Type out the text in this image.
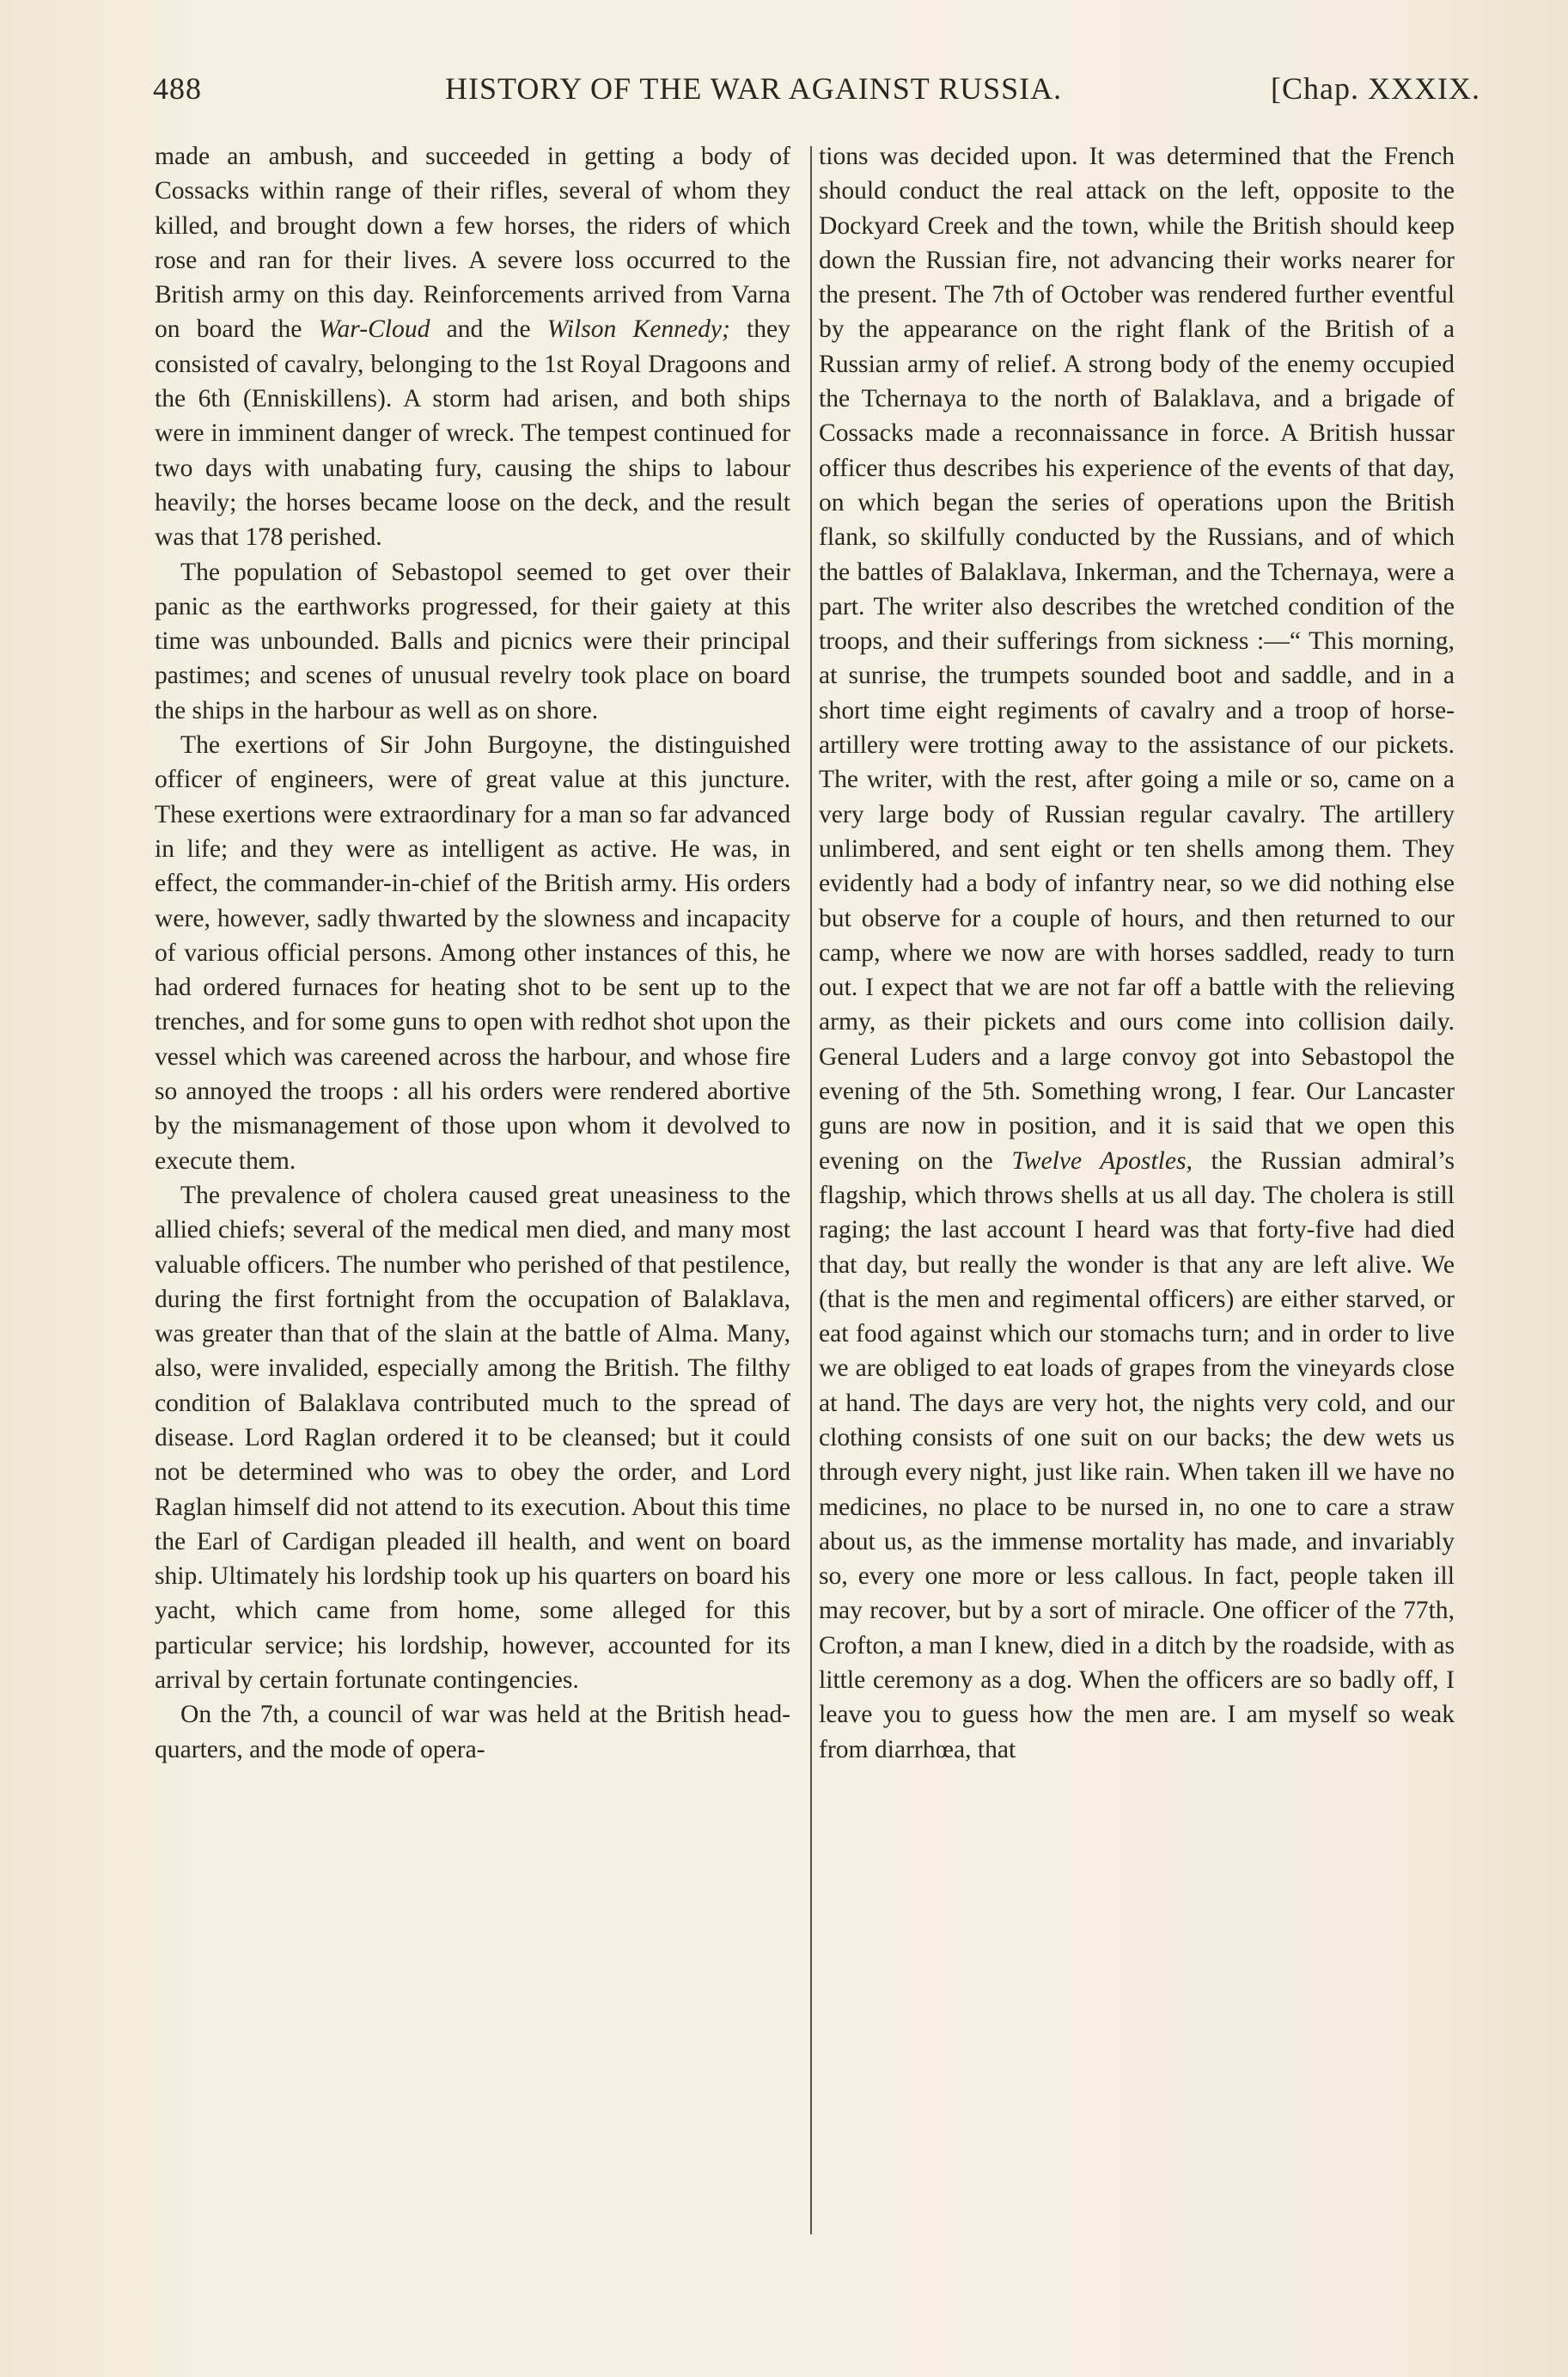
488	HISTORY OF THE WAR AGAINST RUSSIA.	[Chap. XXXIX.

made an ambush, and succeeded in getting a body of Cossacks within range of their rifles, several of whom they killed, and brought down a few horses, the riders of which rose and ran for their lives. A severe loss occurred to the British army on this day. Reinforcements arrived from Varna on board the War-Cloud and the Wilson Kennedy; they consisted of cavalry, belonging to the 1st Royal Dragoons and the 6th (Enniskillens). A storm had arisen, and both ships were in imminent danger of wreck. The tempest continued for two days with unabating fury, causing the ships to labour heavily; the horses became loose on the deck, and the result was that 178 perished.

The population of Sebastopol seemed to get over their panic as the earthworks progressed, for their gaiety at this time was unbounded. Balls and picnics were their principal pastimes; and scenes of unusual revelry took place on board the ships in the harbour as well as on shore.

The exertions of Sir John Burgoyne, the distinguished officer of engineers, were of great value at this juncture. These exertions were extraordinary for a man so far advanced in life; and they were as intelligent as active. He was, in effect, the commander-in-chief of the British army. His orders were, however, sadly thwarted by the slowness and incapacity of various official persons. Among other instances of this, he had ordered furnaces for heating shot to be sent up to the trenches, and for some guns to open with redhot shot upon the vessel which was careened across the harbour, and whose fire so annoyed the troops : all his orders were rendered abortive by the mismanagement of those upon whom it devolved to execute them.

The prevalence of cholera caused great uneasiness to the allied chiefs; several of the medical men died, and many most valuable officers. The number who perished of that pestilence, during the first fortnight from the occupation of Balaklava, was greater than that of the slain at the battle of Alma. Many, also, were invalided, especially among the British. The filthy condition of Balaklava contributed much to the spread of disease. Lord Raglan ordered it to be cleansed; but it could not be determined who was to obey the order, and Lord Raglan himself did not attend to its execution. About this time the Earl of Cardigan pleaded ill health, and went on board ship. Ultimately his lordship took up his quarters on board his yacht, which came from home, some alleged for this particular service; his lordship, however, accounted for its arrival by certain fortunate contingencies.

On the 7th, a council of war was held at the British head-quarters, and the mode of opera-

tions was decided upon. It was determined that the French should conduct the real attack on the left, opposite to the Dockyard Creek and the town, while the British should keep down the Russian fire, not advancing their works nearer for the present. The 7th of October was rendered further eventful by the appearance on the right flank of the British of a Russian army of relief. A strong body of the enemy occupied the Tchernaya to the north of Balaklava, and a brigade of Cossacks made a reconnaissance in force. A British hussar officer thus describes his experience of the events of that day, on which began the series of operations upon the British flank, so skilfully conducted by the Russians, and of which the battles of Balaklava, Inkerman, and the Tchernaya, were a part. The writer also describes the wretched condition of the troops, and their sufferings from sickness :—“ This morning, at sunrise, the trumpets sounded boot and saddle, and in a short time eight regiments of cavalry and a troop of horse-artillery were trotting away to the assistance of our pickets. The writer, with the rest, after going a mile or so, came on a very large body of Russian regular cavalry. The artillery unlimbered, and sent eight or ten shells among them. They evidently had a body of infantry near, so we did nothing else but observe for a couple of hours, and then returned to our camp, where we now are with horses saddled, ready to turn out. I expect that we are not far off a battle with the relieving army, as their pickets and ours come into collision daily. General Luders and a large convoy got into Sebastopol the evening of the 5th. Something wrong, I fear. Our Lancaster guns are now in position, and it is said that we open this evening on the Twelve Apostles, the Russian admiral’s flagship, which throws shells at us all day. The cholera is still raging; the last account I heard was that forty-five had died that day, but really the wonder is that any are left alive. We (that is the men and regimental officers) are either starved, or eat food against which our stomachs turn; and in order to live we are obliged to eat loads of grapes from the vineyards close at hand. The days are very hot, the nights very cold, and our clothing consists of one suit on our backs; the dew wets us through every night, just like rain. When taken ill we have no medicines, no place to be nursed in, no one to care a straw about us, as the immense mortality has made, and invariably so, every one more or less callous. In fact, people taken ill may recover, but by a sort of miracle. One officer of the 77th, Crofton, a man I knew, died in a ditch by the roadside, with as little ceremony as a dog. When the officers are so badly off, I leave you to guess how the men are. I am myself so weak from diarrhœa, that
